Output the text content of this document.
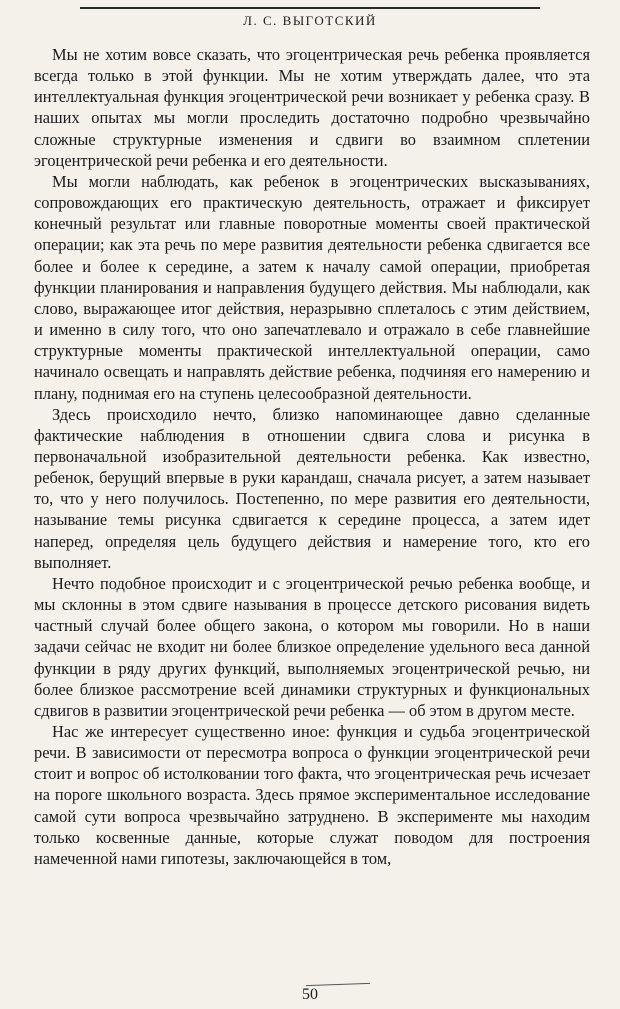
Л. С. ВЫГОТСКИЙ

Мы не хотим вовсе сказать, что эгоцентрическая речь ребенка проявляется всегда только в этой функции. Мы не хотим утверждать далее, что эта интеллектуальная функция эгоцентрической речи возникает у ребенка сразу. В наших опытах мы могли проследить достаточно подробно чрезвычайно сложные структурные изменения и сдвиги во взаимном сплетении эгоцентрической речи ребенка и его деятельности.

Мы могли наблюдать, как ребенок в эгоцентрических высказываниях, сопровождающих его практическую деятельность, отражает и фиксирует конечный результат или главные поворотные моменты своей практической операции; как эта речь по мере развития деятельности ребенка сдвигается все более и более к середине, а затем к началу самой операции, приобретая функции планирования и направления будущего действия. Мы наблюдали, как слово, выражающее итог действия, неразрывно сплеталось с этим действием, и именно в силу того, что оно запечатлевало и отражало в себе главнейшие структурные моменты практической интеллектуальной операции, само начинало освещать и направлять действие ребенка, подчиняя его намерению и плану, поднимая его на ступень целесообразной деятельности.

Здесь происходило нечто, близко напоминающее давно сделанные фактические наблюдения в отношении сдвига слова и рисунка в первоначальной изобразительной деятельности ребенка. Как известно, ребенок, берущий впервые в руки карандаш, сначала рисует, а затем называет то, что у него получилось. Постепенно, по мере развития его деятельности, называние темы рисунка сдвигается к середине процесса, а затем идет наперед, определяя цель будущего действия и намерение того, кто его выполняет.

Нечто подобное происходит и с эгоцентрической речью ребенка вообще, и мы склонны в этом сдвиге называния в процессе детского рисования видеть частный случай более общего закона, о котором мы говорили. Но в наши задачи сейчас не входит ни более близкое определение удельного веса данной функции в ряду других функций, выполняемых эгоцентрической речью, ни более близкое рассмотрение всей динамики структурных и функциональных сдвигов в развитии эгоцентрической речи ребенка — об этом в другом месте.

Нас же интересует существенно иное: функция и судьба эгоцентрической речи. В зависимости от пересмотра вопроса о функции эгоцентрической речи стоит и вопрос об истолковании того факта, что эгоцентрическая речь исчезает на пороге школьного возраста. Здесь прямое экспериментальное исследование самой сути вопроса чрезвычайно затруднено. В эксперименте мы находим только косвенные данные, которые служат поводом для построения намеченной нами гипотезы, заключающейся в том,

50
